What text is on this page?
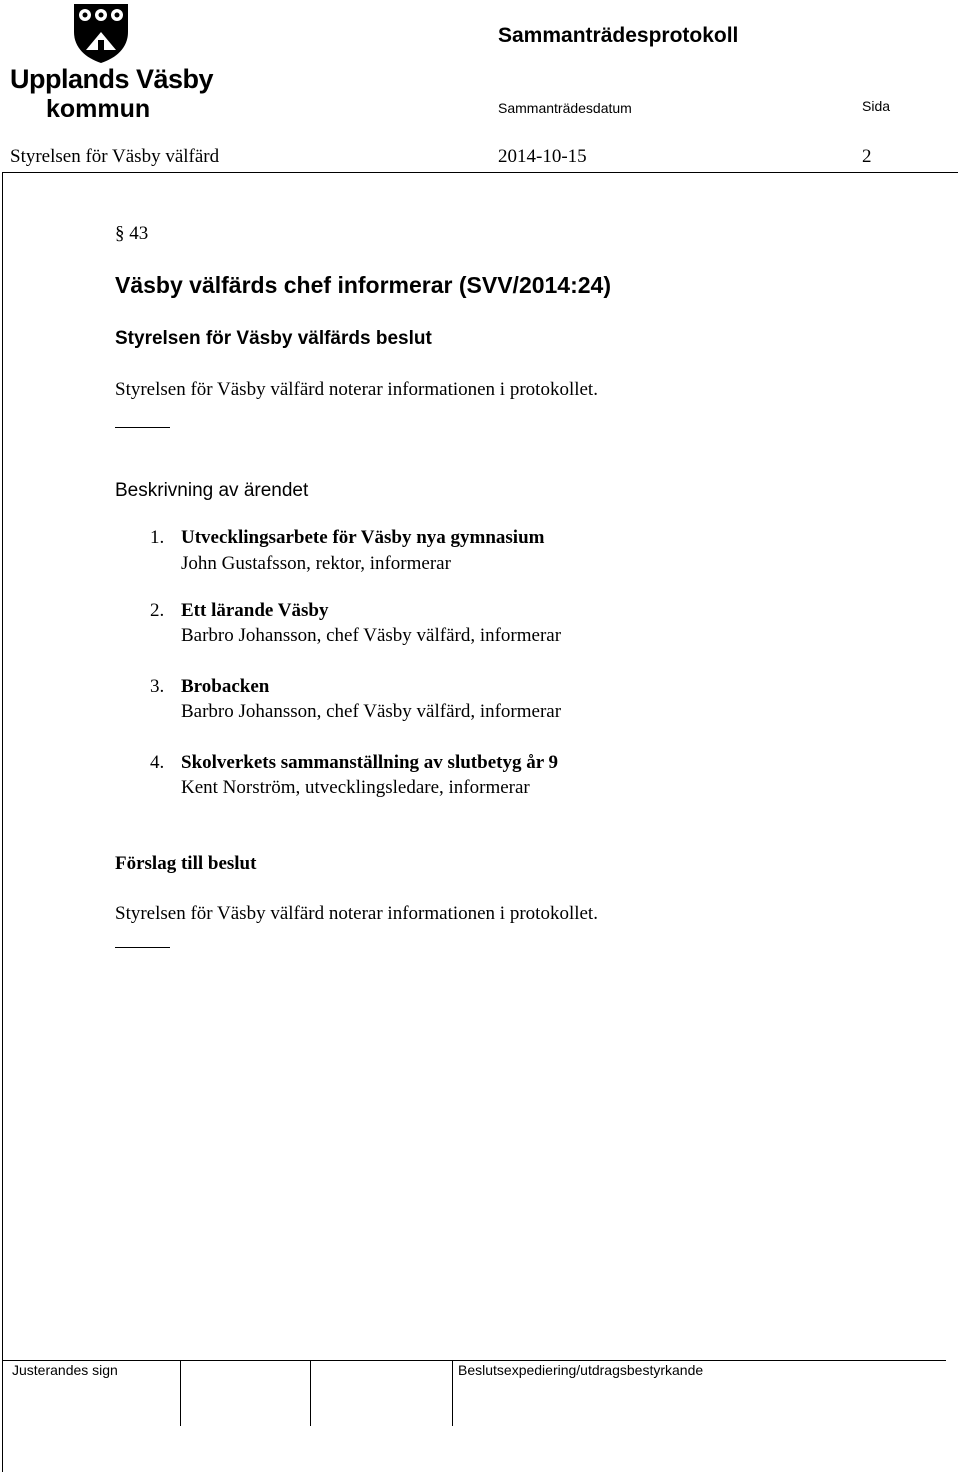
Upplands Väsby
kommun
Sammanträdesprotokoll
Sammanträdesdatum	Sida
Styrelsen för Väsby välfärd	2014-10-15	2
§ 43
Väsby välfärds chef informerar (SVV/2014:24)
Styrelsen för Väsby välfärds beslut
Styrelsen för Väsby välfärd noterar informationen i protokollet.
Beskrivning av ärendet
1. Utvecklingsarbete för Väsby nya gymnasium
John Gustafsson, rektor, informerar
2. Ett lärande Väsby
Barbro Johansson, chef Väsby välfärd, informerar
3. Brobacken
Barbro Johansson, chef Väsby välfärd, informerar
4. Skolverkets sammanställning av slutbetyg år 9
Kent Norström, utvecklingsledare, informerar
Förslag till beslut
Styrelsen för Väsby välfärd noterar informationen i protokollet.
Justerandes sign	Beslutsexpediering/utdragsbestyrkande
